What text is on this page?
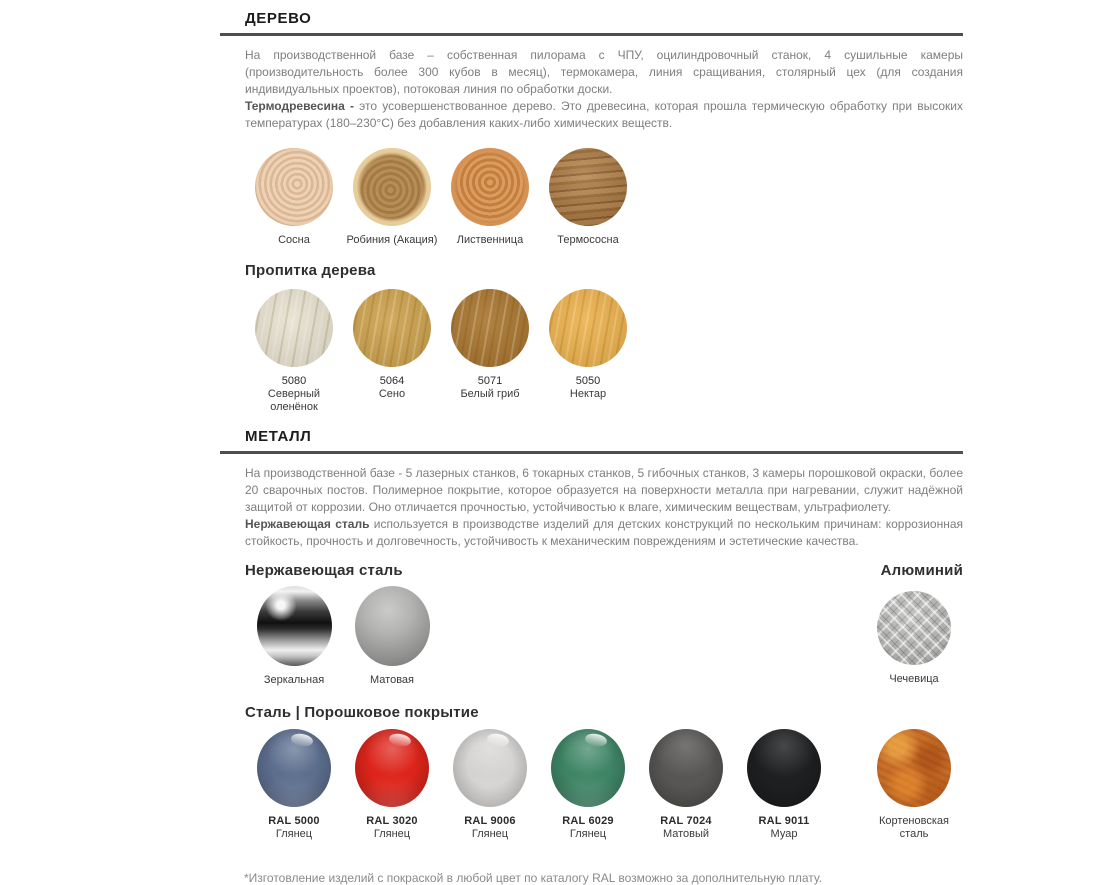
ДЕРЕВО

На производственной базе – собственная пилорама с ЧПУ, оцилиндровочный станок, 4 сушильные камеры (производительность более 300 кубов в месяц), термокамера, линия сращивания, столярный цех (для создания индивидуальных проектов), потоковая линия по обработки доски.

Термодревесина - это усовершенствованное дерево. Это древесина, которая прошла термическую обработку при высоких температурах (180–230°С) без добавления каких-либо химических веществ.

Сосна	Робиния (Акация)	Лиственница	Термососна
Пропитка дерева
5080
Северный оленёнок
5064
Сено
5071
Белый гриб
5050
Нектар
МЕТАЛЛ

На производственной базе - 5 лазерных станков, 6 токарных станков, 5 гибочных станков, 3 камеры порошковой окраски, более 20 сварочных постов. Полимерное покрытие, которое образуется на поверхности металла при нагревании, служит надёжной защитой от коррозии. Оно отличается прочностью, устойчивостью к влаге, химическим веществам, ультрафиолету.

Нержавеющая сталь используется в производстве изделий для детских конструкций по нескольким причинам: коррозионная стойкость, прочность и долговечность, устойчивость к механическим повреждениям и эстетические качества.

Нержавеющая сталь	Алюминий
Зеркальная	Матовая	Чечевица
Сталь | Порошковое покрытие
RAL 5000
Глянец
RAL 3020
Глянец
RAL 9006
Глянец
RAL 6029
Глянец
RAL 7024
Матовый
RAL 9011
Муар
Кортеновская сталь

*Изготовление изделий с покраской в любой цвет по каталогу RAL возможно за дополнительную плату.
